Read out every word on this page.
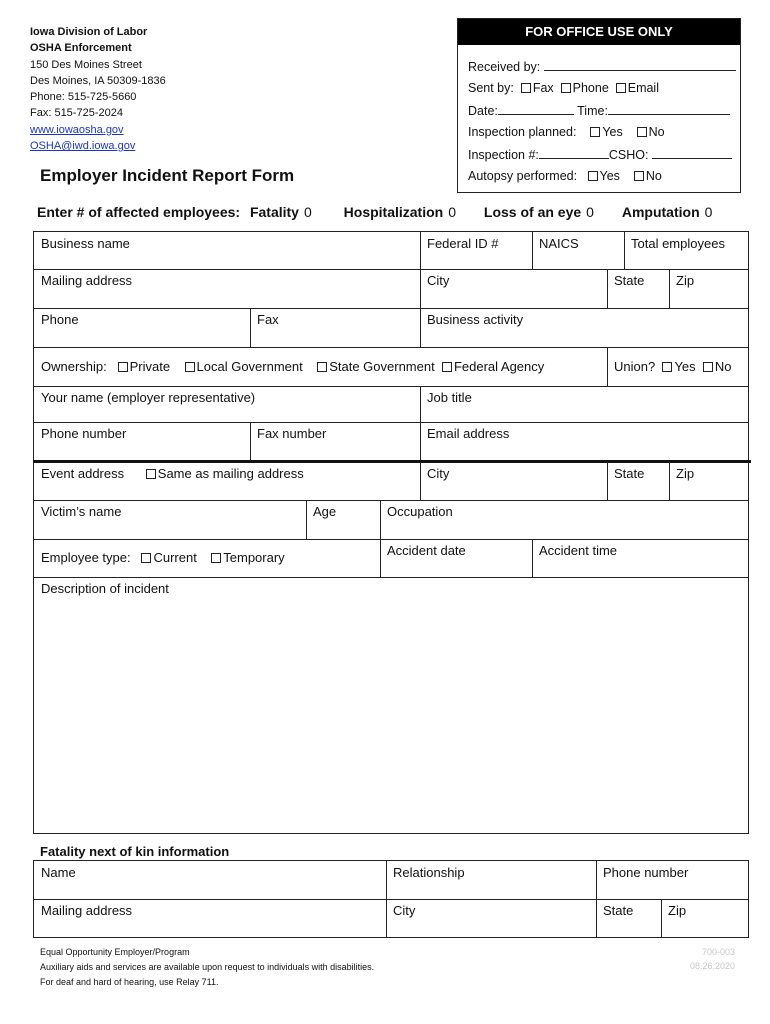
Iowa Division of Labor
OSHA Enforcement
150 Des Moines Street
Des Moines, IA 50309-1836
Phone: 515-725-5660
Fax: 515-725-2024
www.iowaosha.gov
OSHA@iwd.iowa.gov
Employer Incident Report Form
FOR OFFICE USE ONLY
Received by:
Sent by: Fax Phone Email
Date:	Time:
Inspection planned: Yes No
Inspection #:	CSHO:
Autopsy performed: Yes No
Enter # of affected employees: Fatality 0 Hospitalization 0 Loss of an eye 0 Amputation 0
Business name	Federal ID #	NAICS	Total employees
Mailing address	City	State	Zip
Phone	Fax	Business activity
Ownership: Private Local Government State Government Federal Agency	Union? Yes No
Your name (employer representative)	Job title
Phone number	Fax number	Email address
Event address	Same as mailing address	City	State	Zip
Victim’s name	Age	Occupation
Employee type: Current Temporary	Accident date	Accident time
Description of incident
Fatality next of kin information
Name	Relationship	Phone number
Mailing address	City	State	Zip
Equal Opportunity Employer/Program
Auxiliary aids and services are available upon request to individuals with disabilities.
For deaf and hard of hearing, use Relay 711.
700-003
08.26.2020
